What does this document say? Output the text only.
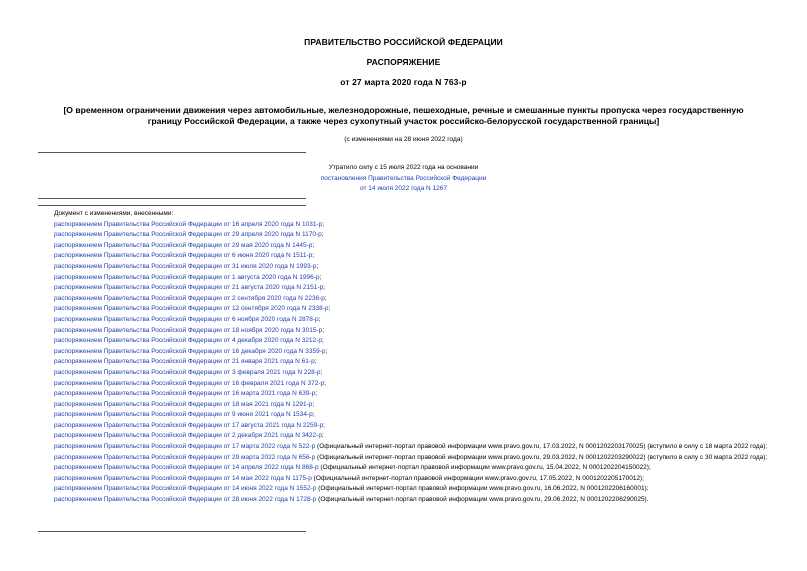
ПРАВИТЕЛЬСТВО РОССИЙСКОЙ ФЕДЕРАЦИИ
РАСПОРЯЖЕНИЕ
от 27 марта 2020 года N 763-р
[О временном ограничении движения через автомобильные, железнодорожные, пешеходные, речные и смешанные пункты пропуска через государственную
границу Российской Федерации, а также через сухопутный участок российско-белорусской государственной границы]
(с изменениями на 28 июня 2022 года)
Утратило силу с 15 июля 2022 года на основании
постановления Правительства Российской Федерации
от 14 июля 2022 года N 1267
Документ с изменениями, внесенными:
распоряжением Правительства Российской Федерации от 16 апреля 2020 года N 1031-р;
распоряжением Правительства Российской Федерации от 29 апреля 2020 года N 1170-р;
распоряжением Правительства Российской Федерации от 29 мая 2020 года N 1445-р;
распоряжением Правительства Российской Федерации от 6 июня 2020 года N 1511-р;
распоряжением Правительства Российской Федерации от 31 июля 2020 года N 1993-р;
распоряжением Правительства Российской Федерации от 1 августа 2020 года N 1996-р;
распоряжением Правительства Российской Федерации от 21 августа 2020 года N 2151-р;
распоряжением Правительства Российской Федерации от 2 сентября 2020 года N 2236-р;
распоряжением Правительства Российской Федерации от 12 сентября 2020 года N 2338-р;
распоряжением Правительства Российской Федерации от 6 ноября 2020 года N 2878-р;
распоряжением Правительства Российской Федерации от 18 ноября 2020 года N 3015-р;
распоряжением Правительства Российской Федерации от 4 декабря 2020 года N 3212-р;
распоряжением Правительства Российской Федерации от 16 декабря 2020 года N 3359-р;
распоряжением Правительства Российской Федерации от 21 января 2021 года N 61-р;
распоряжением Правительства Российской Федерации от 3 февраля 2021 года N 228-р;
распоряжением Правительства Российской Федерации от 16 февраля 2021 года N 372-р;
распоряжением Правительства Российской Федерации от 16 марта 2021 года N 639-р;
распоряжением Правительства Российской Федерации от 18 мая 2021 года N 1291-р;
распоряжением Правительства Российской Федерации от 9 июня 2021 года N 1534-р;
распоряжением Правительства Российской Федерации от 17 августа 2021 года N 2259-р;
распоряжением Правительства Российской Федерации от 2 декабря 2021 года N 3422-р;
распоряжением Правительства Российской Федерации от 17 марта 2022 года N 522-р (Официальный интернет-портал правовой информации www.pravo.gov.ru, 17.03.2022, N 0001202203170025) (вступило в силу с 18 марта 2022 года);
распоряжением Правительства Российской Федерации от 29 марта 2022 года N 656-р (Официальный интернет-портал правовой информации www.pravo.gov.ru, 29.03.2022, N 0001202203290022) (вступило в силу с 30 марта 2022 года);
распоряжением Правительства Российской Федерации от 14 апреля 2022 года N 868-р (Официальный интернет-портал правовой информации www.pravo.gov.ru, 15.04.2022, N 0001202204150022);
распоряжением Правительства Российской Федерации от 14 мая 2022 года N 1175-р (Официальный интернет-портал правовой информации www.pravo.gov.ru, 17.05.2022, N 0001202205170012);
распоряжением Правительства Российской Федерации от 14 июня 2022 года N 1552-р (Официальный интернет-портал правовой информации www.pravo.gov.ru, 16.06.2022, N 0001202206160001);
распоряжением Правительства Российской Федерации от 28 июня 2022 года N 1728-р (Официальный интернет-портал правовой информации www.pravo.gov.ru, 29.06.2022, N 0001202206290025).
